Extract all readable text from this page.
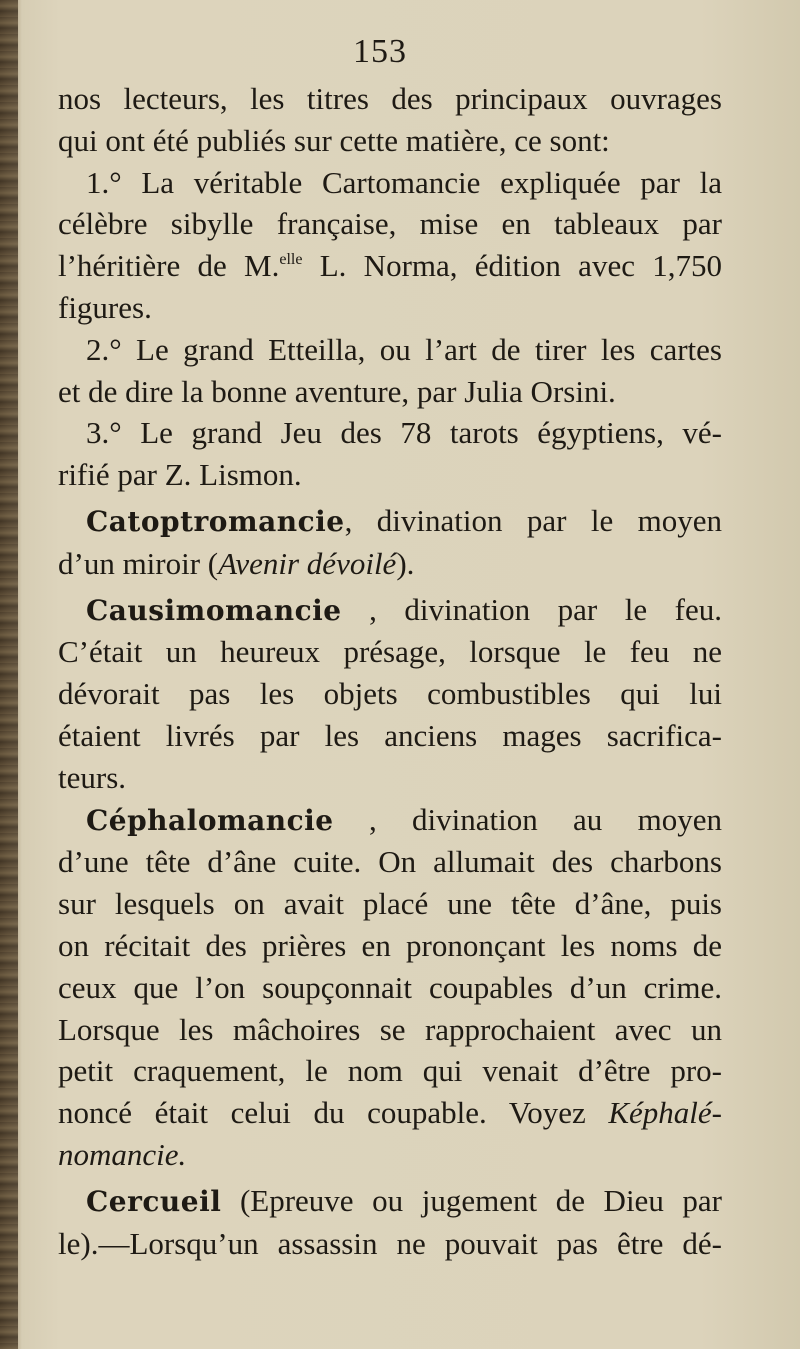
153
nos lecteurs, les titres des principaux ouvrages
qui ont été publiés sur cette matière, ce sont:
1.° La véritable Cartomancie expliquée par la
célèbre sibylle française, mise en tableaux par
l’héritière de M.$^{elle}$ L. Norma, édition avec 1,750
figures.
2.° Le grand Etteilla, ou l’art de tirer les cartes
et de dire la bonne aventure, par Julia Orsini.
3.° Le grand Jeu des 78 tarots égyptiens, vé-
rifié par Z. Lismon.
Catoptromancie, divination par le moyen
d’un miroir (Avenir dévoilé).
Causimomancie , divination par le feu.
C’était un heureux présage, lorsque le feu ne
dévorait pas les objets combustibles qui lui
étaient livrés par les anciens mages sacrifica-
teurs.
Céphalomancie , divination au moyen
d’une tête d’âne cuite. On allumait des charbons
sur lesquels on avait placé une tête d’âne, puis
on récitait des prières en prononçant les noms de
ceux que l’on soupçonnait coupables d’un crime.
Lorsque les mâchoires se rapprochaient avec un
petit craquement, le nom qui venait d’être pro-
noncé était celui du coupable. Voyez Képhalé-
nomancie.
Cercueil (Epreuve ou jugement de Dieu par
le).—Lorsqu’un assassin ne pouvait pas être dé-
